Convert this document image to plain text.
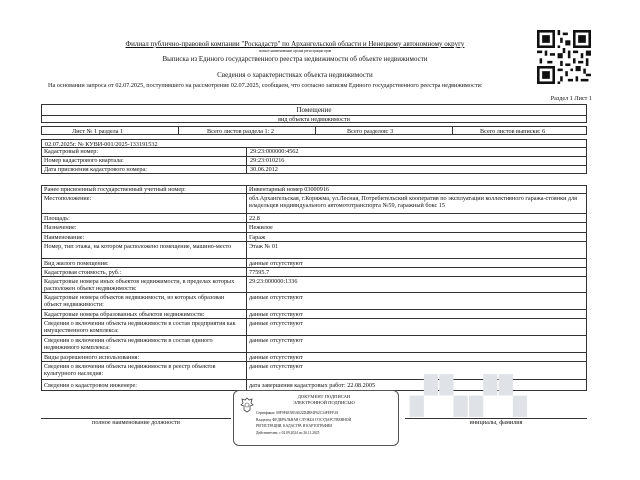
Филиал публично-правовой компании "Роскадастр" по Архангельской области и Ненецкому автономному округу
полное наименование органа регистрации прав
Выписка из Единого государственного реестра недвижимости об объекте недвижимости
Сведения о характеристиках объекта недвижимости
На основании запроса от 02.07.2025, поступившего на рассмотрение 02.07.2025, сообщаем, что согласно записям Единого государственного реестра недвижимости:
Раздел 1 Лист 1
Помещение
вид объекта недвижимости
Лист № 1 раздела 1	Всего листов раздела 1: 2	Всего разделов: 3	Всего листов выписки: 6
02.07.2025г. № КУВИ-001/2025-133191532
Кадастровый номер:	29:23:000000:4562
Номер кадастрового квартала:	29:23:010216
Дата присвоения кадастрового номера:	30.06.2012
Ранее присвоенный государственный учетный номер:	Инвентарный номер 03000916
Местоположение:	обл.Архангельская, г.Коряжма, ул.Лесная, Потребительский кооператив по эксплуатации коллективного гаража-стоянки для владельцев индивидуального автомототранспорта №59, гаражный бокс 15
Площадь:	22.8
Назначение:	Нежилое
Наименование:	Гараж
Номер, тип этажа, на котором расположено помещение, машино-место	Этаж № 01
Вид жилого помещения:	данные отсутствуют
Кадастровая стоимость, руб.:	77595.7
Кадастровые номера иных объектов недвижимости, в пределах которых расположен объект недвижимости:
29:23:000000:1336
Кадастровые номера объектов недвижимости, из которых образован объект недвижимости:
данные отсутствуют
Кадастровые номера образованных объектов недвижимости:	данные отсутствуют
Сведения о включении объекта недвижимости в состав предприятия как имущественного комплекса:
данные отсутствуют
Сведения о включении объекта недвижимости в состав единого недвижимого комплекса:
данные отсутствуют
Виды разрешенного использования:	данные отсутствуют
Сведения о включении объекта недвижимости в реестр объектов культурного наследия:
данные отсутствуют
Сведения о кадастровом инженере:	дата завершения кадастровых работ: 22.08.2005 ▞▚▞▚
полное наименование должности	инициалы, фамилия
ДОКУМЕНТ ПОДПИСАН
ЭЛЕКТРОННОЙ ПОДПИСЬЮ
Сертификат: 00F9F4E5B3A022D4BF4F62C34FEFF4A
Владелец: ФЕДЕРАЛЬНАЯ СЛУЖБА ГОСУДАРСТВЕННОЙ
РЕГИСТРАЦИИ, КАДАСТРА И КАРТОГРАФИИ
Действителен: с 02.09.2024 по 26.11.2025
